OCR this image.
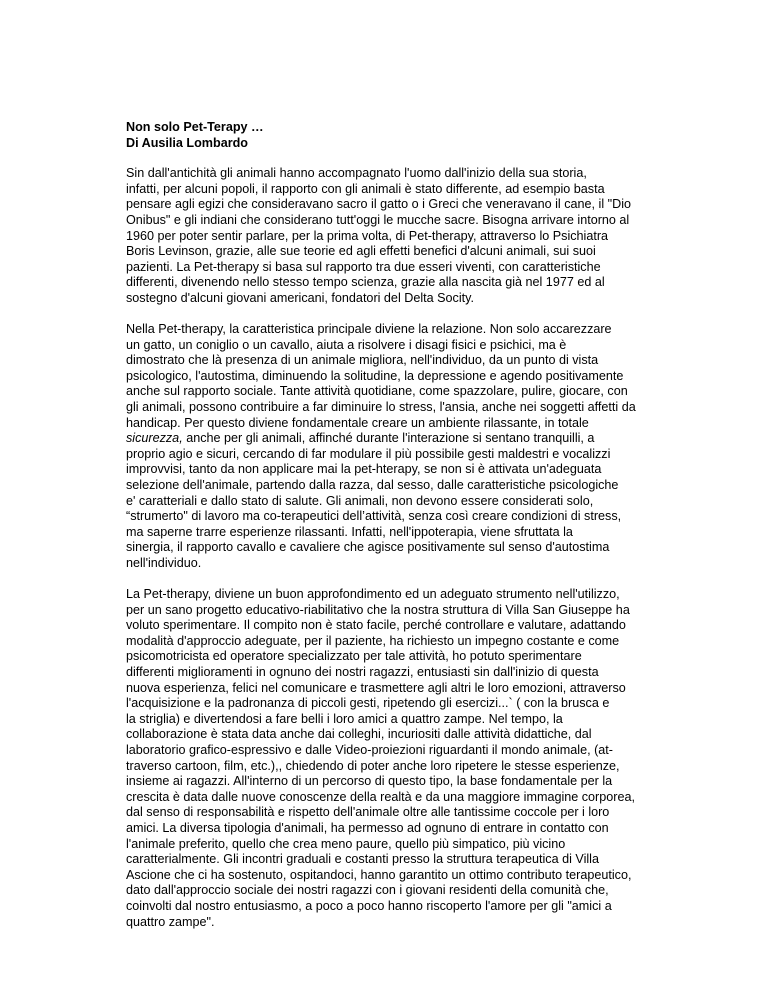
Non solo Pet-Terapy …
Di Ausilia Lombardo

Sin dall'antichità gli animali hanno accompagnato l'uomo dall'inizio della sua storia,
infatti, per alcuni popoli, il rapporto con gli animali è stato differente, ad esempio basta
pensare agli egizi che consideravano sacro il gatto o i Greci che veneravano il cane, il "Dio
Onibus" e gli indiani che considerano tutt'oggi le mucche sacre. Bisogna arrivare intorno al
1960 per poter sentir parlare, per la prima volta, di Pet-therapy, attraverso lo Psichiatra
Boris Levinson, grazie, alle sue teorie ed agli effetti benefici d'alcuni animali, sui suoi
pazienti. La Pet-therapy si basa sul rapporto tra due esseri viventi, con caratteristiche
differenti, divenendo nello stesso tempo scienza, grazie alla nascita già nel 1977 ed al
sostegno d'alcuni giovani americani, fondatori del Delta Socity.

Nella Pet-therapy, la caratteristica principale diviene la relazione. Non solo accarezzare
un gatto, un coniglio o un cavallo, aiuta a risolvere i disagi fisici e psichici, ma è
dimostrato che là presenza di un animale migliora, nell'individuo, da un punto di vista
psicologico, l'autostima, diminuendo la solitudine, la depressione e agendo positivamente
anche sul rapporto sociale. Tante attività quotidiane, come spazzolare, pulire, giocare, con
gli animali, possono contribuire a far diminuire lo stress, l'ansia, anche nei soggetti affetti da
handicap. Per questo diviene fondamentale creare un ambiente rilassante, in totale
sicurezza, anche per gli animali, affinché durante l'interazione si sentano tranquilli, a
proprio agio e sicuri, cercando di far modulare il più possibile gesti maldestri e vocalizzi
improvvisi, tanto da non applicare mai la pet-hterapy, se non si è attivata un'adeguata
selezione dell'animale, partendo dalla razza, dal sesso, dalle caratteristiche psicologiche
e' caratteriali e dallo stato di salute. Gli animali, non devono essere considerati solo,
“strumerto" di lavoro ma co-terapeutici dell’attività, senza così creare condizioni di stress,
ma saperne trarre esperienze rilassanti. Infatti, nell'ippoterapia, viene sfruttata la
sinergia, il rapporto cavallo e cavaliere che agisce positivamente sul senso d'autostima
nell'individuo.

La Pet-therapy, diviene un buon approfondimento ed un adeguato strumento nell'utilizzo,
per un sano progetto educativo-riabilitativo che la nostra struttura di Villa San Giuseppe ha
voluto sperimentare. Il compito non è stato facile, perché controllare e valutare, adattando
modalità d'approccio adeguate, per il paziente, ha richiesto un impegno costante e come
psicomotricista ed operatore specializzato per tale attività, ho potuto sperimentare
differenti miglioramenti in ognuno dei nostri ragazzi, entusiasti sin dall'inizio di questa
nuova esperienza, felici nel comunicare e trasmettere agli altri le loro emozioni, attraverso
l'acquisizione e la padronanza di piccoli gesti, ripetendo gli esercizi...` ( con la brusca e
la striglia) e divertendosi a fare belli i loro amici a quattro zampe. Nel tempo, la
collaborazione è stata data anche dai colleghi, incuriositi dalle attività didattiche, dal
laboratorio grafico-espressivo e dalle Video-proiezioni riguardanti il mondo animale, (at-
traverso cartoon, film, etc.),, chiedendo di poter anche loro ripetere le stesse esperienze,
insieme ai ragazzi. All'interno di un percorso di questo tipo, la base fondamentale per la
crescita è data dalle nuove conoscenze della realtà e da una maggiore immagine corporea,
dal senso di responsabilità e rispetto dell'animale oltre alle tantissime coccole per i loro
amici. La diversa tipologia d'animali, ha permesso ad ognuno di entrare in contatto con
l'animale preferito, quello che crea meno paure, quello più simpatico, più vicino
caratterialmente. Gli incontri graduali e costanti presso la struttura terapeutica di Villa
Ascione che ci ha sostenuto, ospitandoci, hanno garantito un ottimo contributo terapeutico,
dato dall'approccio sociale dei nostri ragazzi con i giovani residenti della comunità che,
coinvolti dal nostro entusiasmo, a poco a poco hanno riscoperto l'amore per gli "amici a
quattro zampe".
